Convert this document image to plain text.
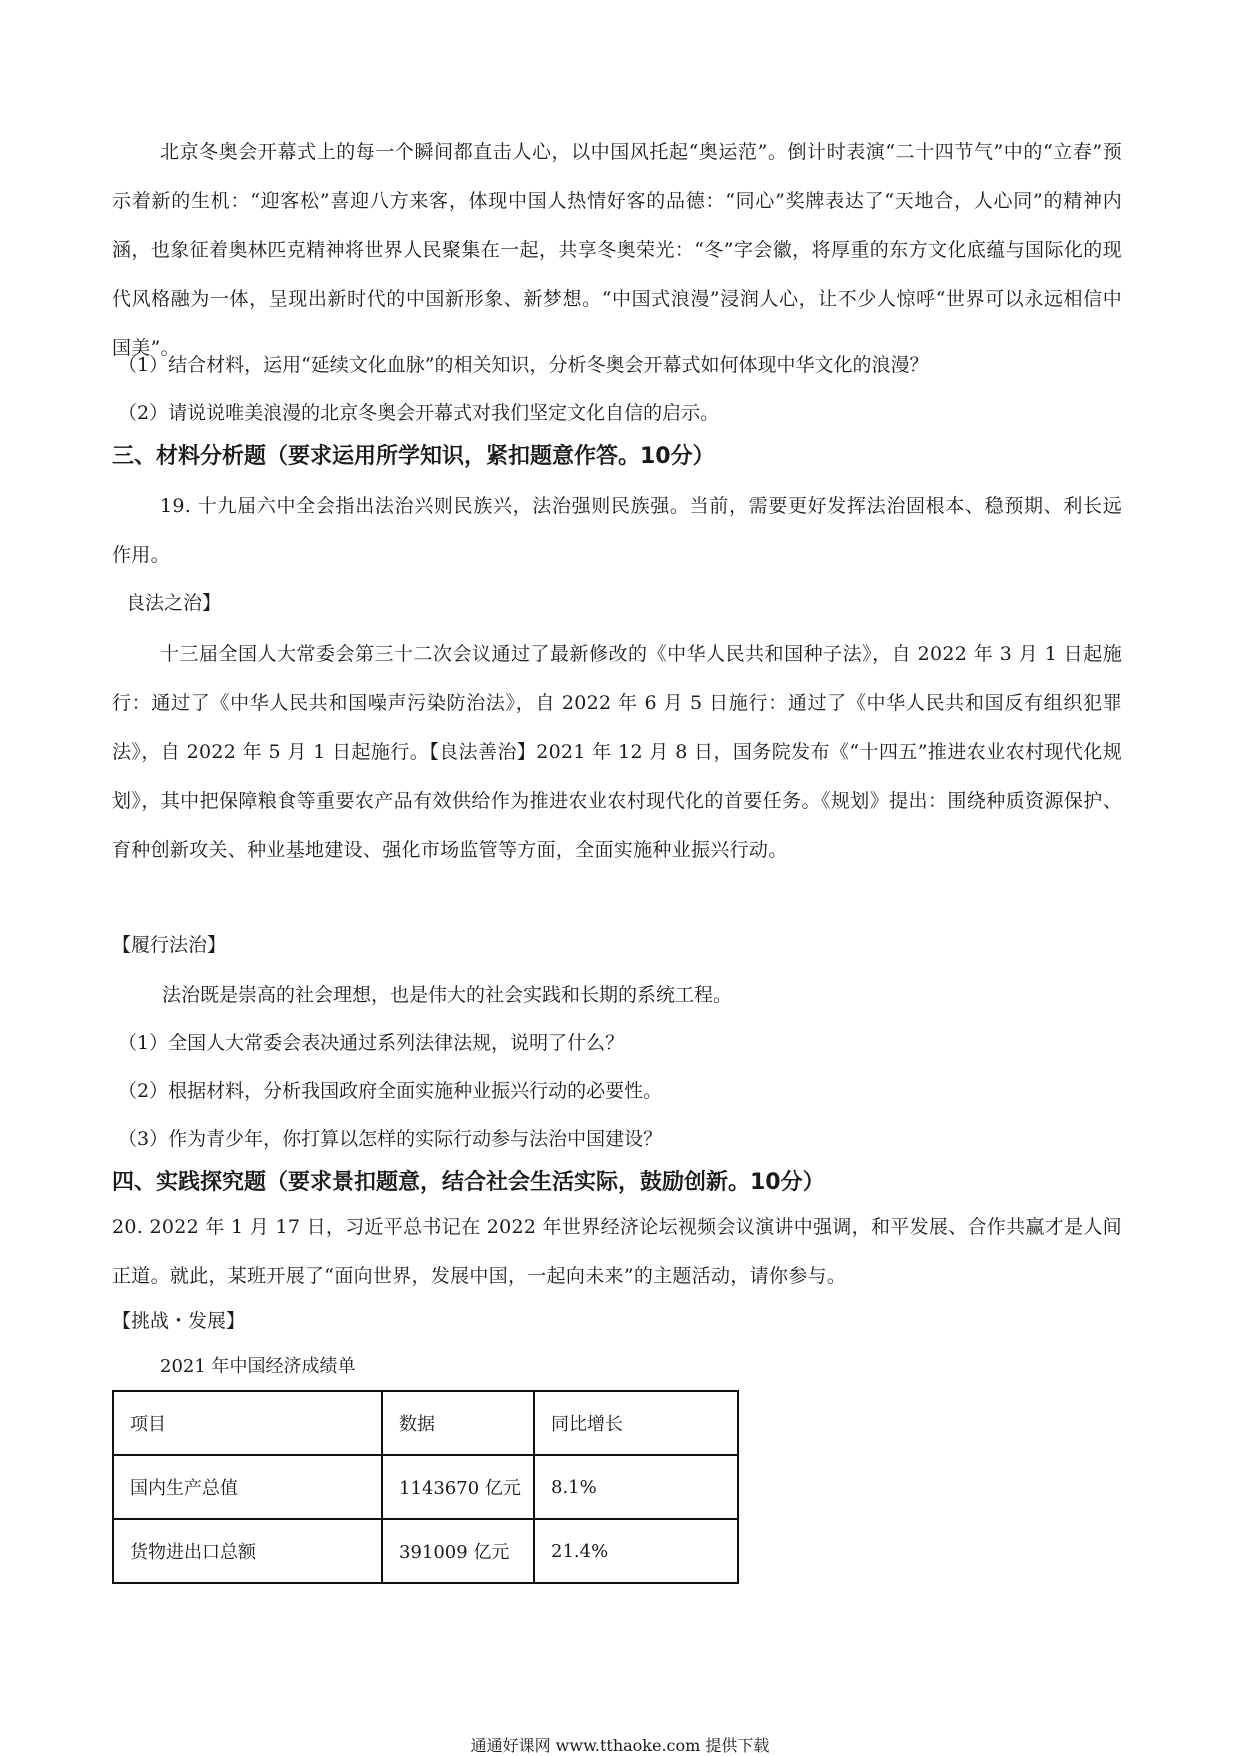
北京冬奥会开幕式上的每一个瞬间都直击人心，以中国风托起“奥运范”。倒计时表演“二十四节气”中的“立春”预示着新的生机：“迎客松”喜迎八方来客，体现中国人热情好客的品德：“同心”奖牌表达了“天地合，人心同”的精神内涵，也象征着奥林匹克精神将世界人民聚集在一起，共享冬奥荣光：“冬”字会徽，将厚重的东方文化底蕴与国际化的现代风格融为一体，呈现出新时代的中国新形象、新梦想。“中国式浪漫”浸润人心，让不少人惊呼“世界可以永远相信中国美”。
（1）结合材料，运用“延续文化血脉”的相关知识，分析冬奥会开幕式如何体现中华文化的浪漫？
（2）请说说唯美浪漫的北京冬奥会开幕式对我们坚定文化自信的启示。
三、材料分析题（要求运用所学知识，紧扣题意作答。10分）
19. 十九届六中全会指出法治兴则民族兴，法治强则民族强。当前，需要更好发挥法治固根本、稳预期、利长远作用。
良法之治】
十三届全国人大常委会第三十二次会议通过了最新修改的《中华人民共和国种子法》，自 2022 年 3 月 1 日起施行：通过了《中华人民共和国噪声污染防治法》，自 2022 年 6 月 5 日施行：通过了《中华人民共和国反有组织犯罪法》，自 2022 年 5 月 1 日起施行。【良法善治】2021 年 12 月 8 日，国务院发布《“十四五”推进农业农村现代化规划》，其中把保障粮食等重要农产品有效供给作为推进农业农村现代化的首要任务。《规划》提出：围绕种质资源保护、育种创新攻关、种业基地建设、强化市场监管等方面，全面实施种业振兴行动。
【履行法治】
法治既是崇高的社会理想，也是伟大的社会实践和长期的系统工程。
（1）全国人大常委会表决通过系列法律法规，说明了什么？
（2）根据材料，分析我国政府全面实施种业振兴行动的必要性。
（3）作为青少年，你打算以怎样的实际行动参与法治中国建设？
四、实践探究题（要求景扣题意，结合社会生活实际，鼓励创新。10分）
20. 2022 年 1 月 17 日，习近平总书记在 2022 年世界经济论坛视频会议演讲中强调，和平发展、合作共赢才是人间正道。就此，某班开展了“面向世界，发展中国，一起向未来”的主题活动，请你参与。
【挑战・发展】
2021 年中国经济成绩单
项目	数据	同比增长
国内生产总值	1143670 亿元	8.1%
货物进出口总额	391009 亿元	21.4%
通通好课网 www.tthaoke.com 提供下载
